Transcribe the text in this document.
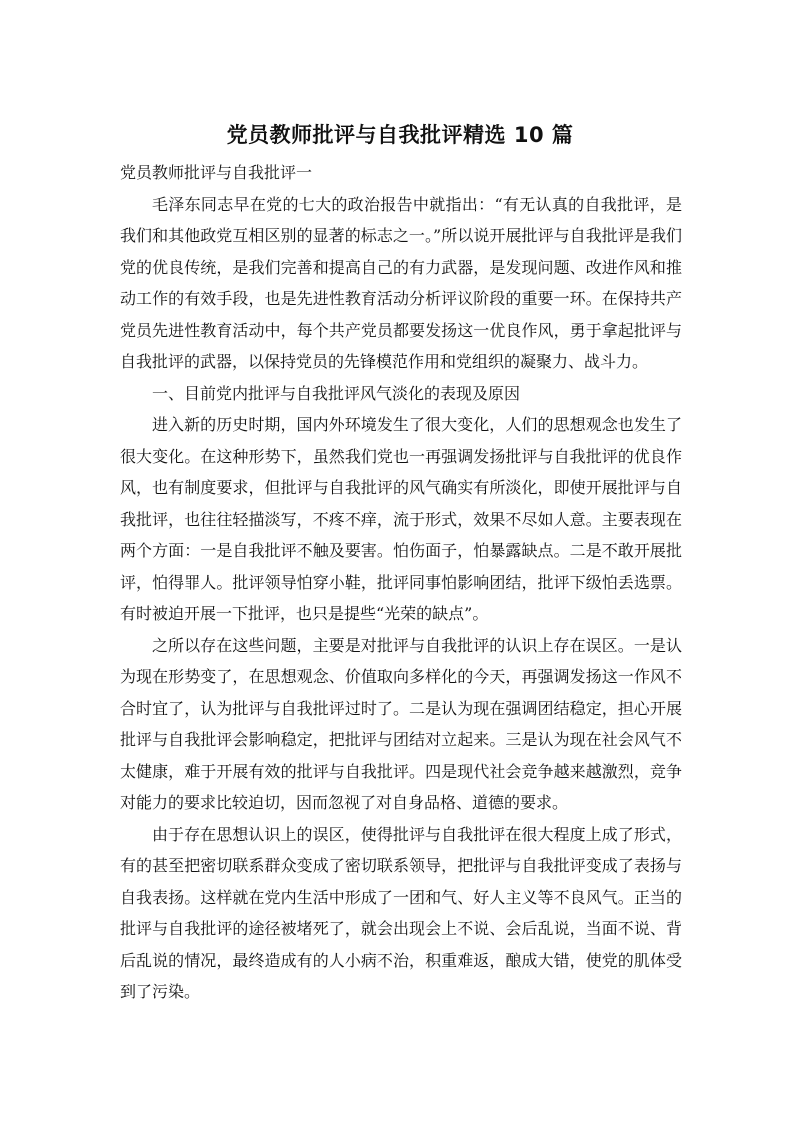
党员教师批评与自我批评精选 10 篇

党员教师批评与自我批评一

毛泽东同志早在党的七大的政治报告中就指出：“有无认真的自我批评，是我们和其他政党互相区别的显著的标志之一。”所以说开展批评与自我批评是我们党的优良传统，是我们完善和提高自己的有力武器，是发现问题、改进作风和推动工作的有效手段，也是先进性教育活动分析评议阶段的重要一环。在保持共产党员先进性教育活动中，每个共产党员都要发扬这一优良作风，勇于拿起批评与自我批评的武器，以保持党员的先锋模范作用和党组织的凝聚力、战斗力。

一、目前党内批评与自我批评风气淡化的表现及原因

进入新的历史时期，国内外环境发生了很大变化，人们的思想观念也发生了很大变化。在这种形势下，虽然我们党也一再强调发扬批评与自我批评的优良作风，也有制度要求，但批评与自我批评的风气确实有所淡化，即使开展批评与自我批评，也往往轻描淡写，不疼不痒，流于形式，效果不尽如人意。主要表现在两个方面：一是自我批评不触及要害。怕伤面子，怕暴露缺点。二是不敢开展批评，怕得罪人。批评领导怕穿小鞋，批评同事怕影响团结，批评下级怕丢选票。有时被迫开展一下批评，也只是提些“光荣的缺点”。

之所以存在这些问题，主要是对批评与自我批评的认识上存在误区。一是认为现在形势变了，在思想观念、价值取向多样化的今天，再强调发扬这一作风不合时宜了，认为批评与自我批评过时了。二是认为现在强调团结稳定，担心开展批评与自我批评会影响稳定，把批评与团结对立起来。三是认为现在社会风气不太健康，难于开展有效的批评与自我批评。四是现代社会竞争越来越激烈，竞争对能力的要求比较迫切，因而忽视了对自身品格、道德的要求。

由于存在思想认识上的误区，使得批评与自我批评在很大程度上成了形式，有的甚至把密切联系群众变成了密切联系领导，把批评与自我批评变成了表扬与自我表扬。这样就在党内生活中形成了一团和气、好人主义等不良风气。正当的批评与自我批评的途径被堵死了，就会出现会上不说、会后乱说，当面不说、背后乱说的情况，最终造成有的人小病不治，积重难返，酿成大错，使党的肌体受到了污染。
